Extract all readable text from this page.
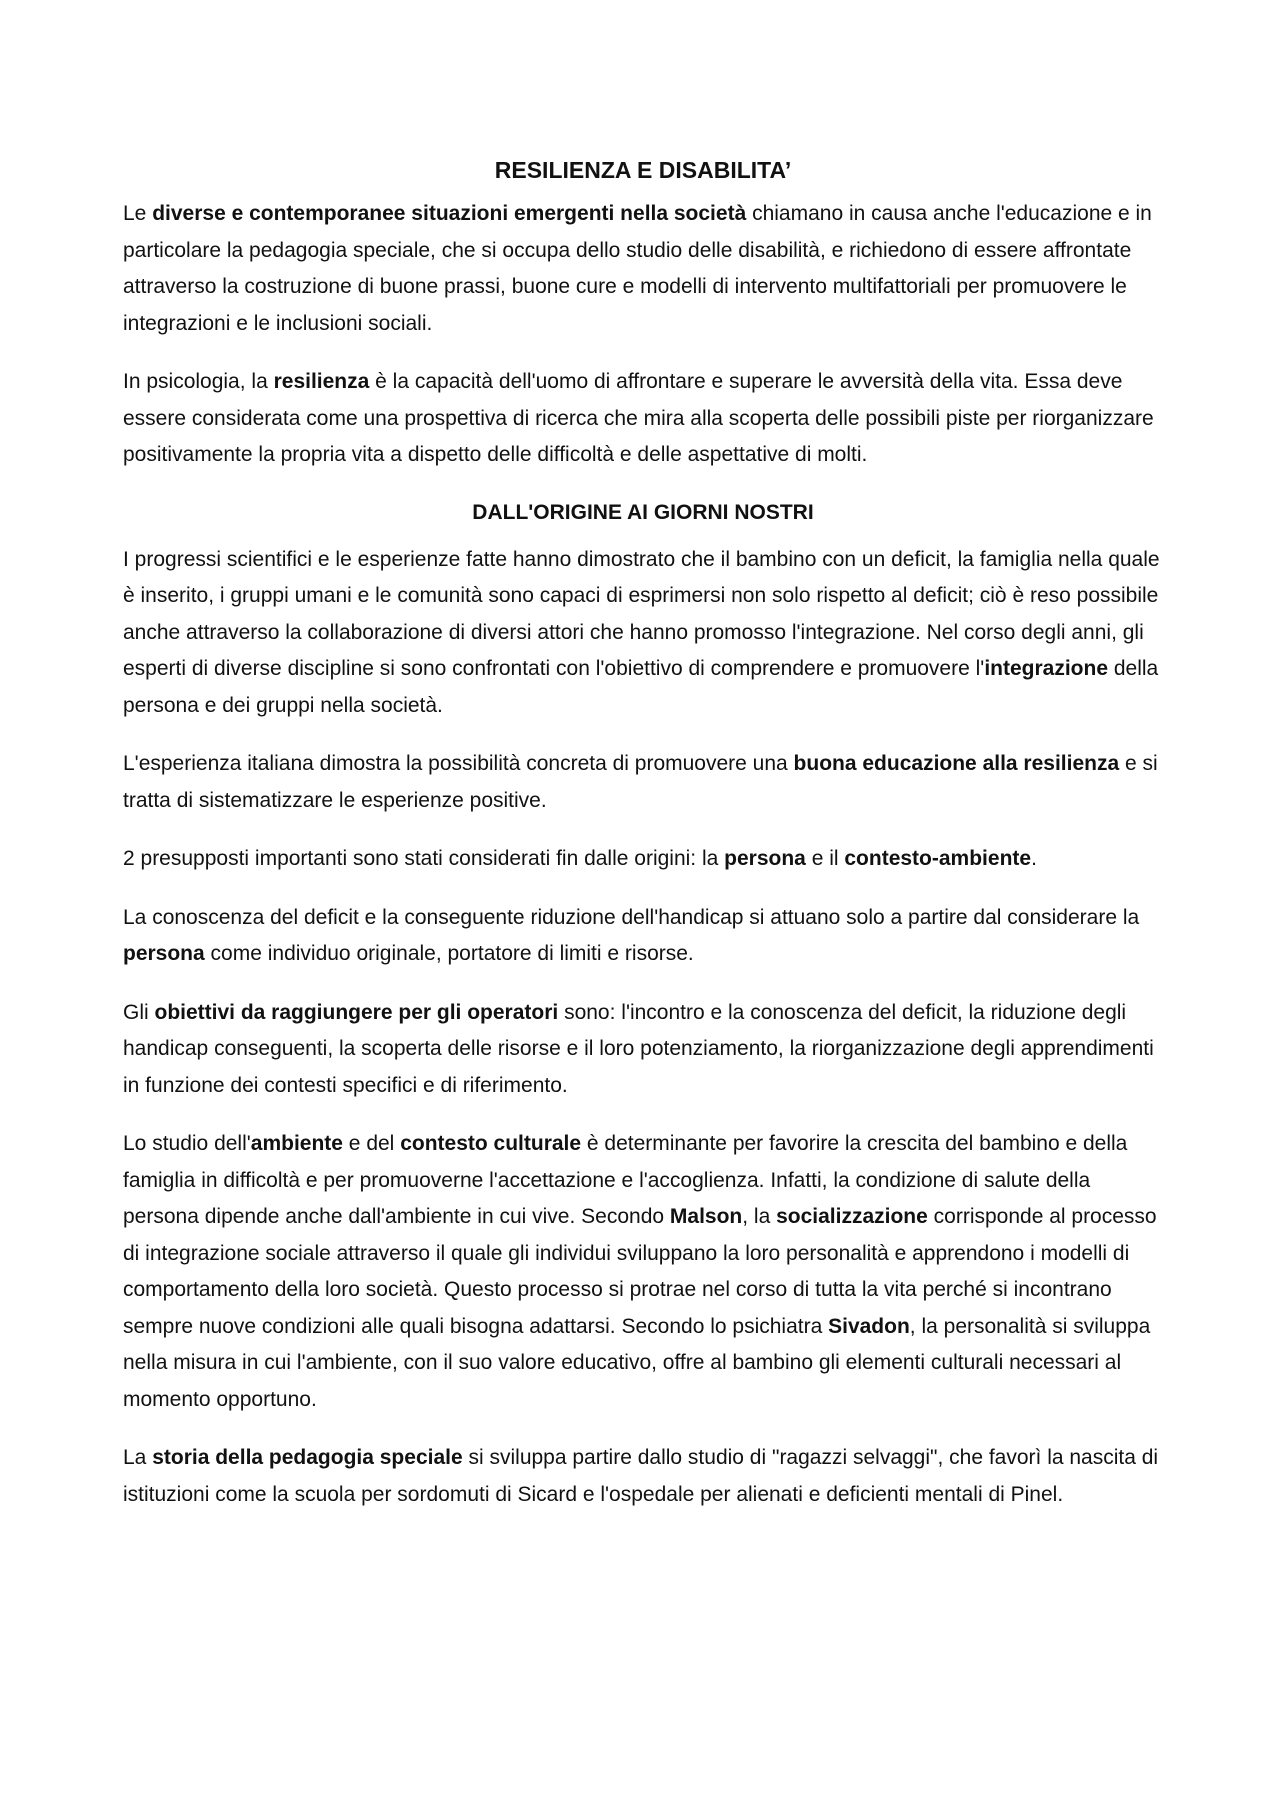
RESILIENZA E DISABILITA’

Le diverse e contemporanee situazioni emergenti nella società chiamano in causa anche l'educazione e in particolare la pedagogia speciale, che si occupa dello studio delle disabilità, e richiedono di essere affrontate attraverso la costruzione di buone prassi, buone cure e modelli di intervento multifattoriali per promuovere le integrazioni e le inclusioni sociali.

In psicologia, la resilienza è la capacità dell'uomo di affrontare e superare le avversità della vita. Essa deve essere considerata come una prospettiva di ricerca che mira alla scoperta delle possibili piste per riorganizzare positivamente la propria vita a dispetto delle difficoltà e delle aspettative di molti.

DALL'ORIGINE AI GIORNI NOSTRI

I progressi scientifici e le esperienze fatte hanno dimostrato che il bambino con un deficit, la famiglia nella quale è inserito, i gruppi umani e le comunità sono capaci di esprimersi non solo rispetto al deficit; ciò è reso possibile anche attraverso la collaborazione di diversi attori che hanno promosso l'integrazione. Nel corso degli anni, gli esperti di diverse discipline si sono confrontati con l'obiettivo di comprendere e promuovere l'integrazione della persona e dei gruppi nella società.

L'esperienza italiana dimostra la possibilità concreta di promuovere una buona educazione alla resilienza e si tratta di sistematizzare le esperienze positive.

2 presupposti importanti sono stati considerati fin dalle origini: la persona e il contesto-ambiente.

La conoscenza del deficit e la conseguente riduzione dell'handicap si attuano solo a partire dal considerare la persona come individuo originale, portatore di limiti e risorse.

Gli obiettivi da raggiungere per gli operatori sono: l'incontro e la conoscenza del deficit, la riduzione degli handicap conseguenti, la scoperta delle risorse e il loro potenziamento, la riorganizzazione degli apprendimenti in funzione dei contesti specifici e di riferimento.

Lo studio dell'ambiente e del contesto culturale è determinante per favorire la crescita del bambino e della famiglia in difficoltà e per promuoverne l'accettazione e l'accoglienza. Infatti, la condizione di salute della persona dipende anche dall'ambiente in cui vive. Secondo Malson, la socializzazione corrisponde al processo di integrazione sociale attraverso il quale gli individui sviluppano la loro personalità e apprendono i modelli di comportamento della loro società. Questo processo si protrae nel corso di tutta la vita perché si incontrano sempre nuove condizioni alle quali bisogna adattarsi. Secondo lo psichiatra Sivadon, la personalità si sviluppa nella misura in cui l'ambiente, con il suo valore educativo, offre al bambino gli elementi culturali necessari al momento opportuno.

La storia della pedagogia speciale si sviluppa partire dallo studio di "ragazzi selvaggi", che favorì la nascita di istituzioni come la scuola per sordomuti di Sicard e l'ospedale per alienati e deficienti mentali di Pinel.
